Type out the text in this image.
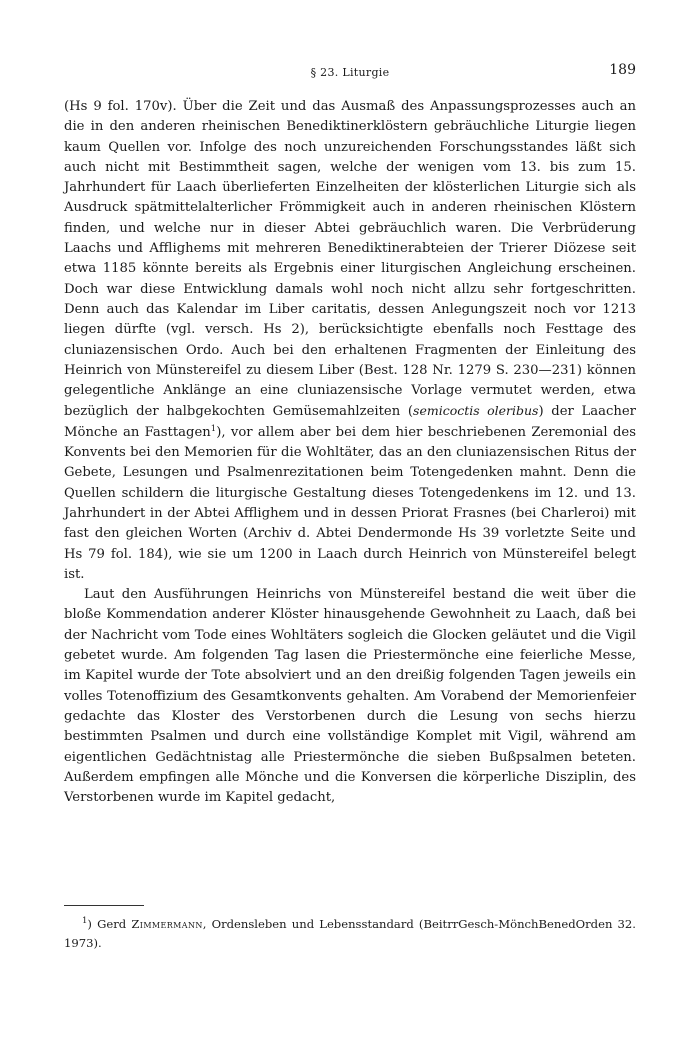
§ 23. Liturgie	189

(Hs 9 fol. 170v). Über die Zeit und das Ausmaß des Anpassungsprozesses auch an die in den anderen rheinischen Benediktinerklöstern gebräuchliche Liturgie liegen kaum Quellen vor. Infolge des noch unzureichenden Forschungsstandes läßt sich auch nicht mit Bestimmtheit sagen, welche der wenigen vom 13. bis zum 15. Jahrhundert für Laach überlieferten Einzelheiten der klösterlichen Liturgie sich als Ausdruck spätmittelalterlicher Frömmigkeit auch in anderen rheinischen Klöstern finden, und welche nur in dieser Abtei gebräuchlich waren. Die Verbrüderung Laachs und Afflighems mit mehreren Benediktinerabteien der Trierer Diözese seit etwa 1185 könnte bereits als Ergebnis einer liturgischen Angleichung erscheinen. Doch war diese Entwicklung damals wohl noch nicht allzu sehr fortgeschritten. Denn auch das Kalendar im Liber caritatis, dessen Anlegungszeit noch vor 1213 liegen dürfte (vgl. versch. Hs 2), berücksichtigte ebenfalls noch Festtage des cluniazensischen Ordo. Auch bei den erhaltenen Fragmenten der Einleitung des Heinrich von Münstereifel zu diesem Liber (Best. 128 Nr. 1279 S. 230—231) können gelegentliche Anklänge an eine cluniazensische Vorlage vermutet werden, etwa bezüglich der halbgekochten Gemüsemahlzeiten (semicoctis oleribus) der Laacher Mönche an Fasttagen$^1$), vor allem aber bei dem hier beschriebenen Zeremonial des Konvents bei den Memorien für die Wohltäter, das an den cluniazensischen Ritus der Gebete, Lesungen und Psalmenrezitationen beim Totengedenken mahnt. Denn die Quellen schildern die liturgische Gestaltung dieses Totengedenkens im 12. und 13. Jahrhundert in der Abtei Afflighem und in dessen Priorat Frasnes (bei Charleroi) mit fast den gleichen Worten (Archiv d. Abtei Dendermonde Hs 39 vorletzte Seite und Hs 79 fol. 184), wie sie um 1200 in Laach durch Heinrich von Münstereifel belegt ist.

Laut den Ausführungen Heinrichs von Münstereifel bestand die weit über die bloße Kommendation anderer Klöster hinausgehende Gewohnheit zu Laach, daß bei der Nachricht vom Tode eines Wohltäters sogleich die Glocken geläutet und die Vigil gebetet wurde. Am folgenden Tag lasen die Priestermönche eine feierliche Messe, im Kapitel wurde der Tote absolviert und an den dreißig folgenden Tagen jeweils ein volles Totenoffizium des Gesamtkonvents gehalten. Am Vorabend der Memorienfeier gedachte das Kloster des Verstorbenen durch die Lesung von sechs hierzu bestimmten Psalmen und durch eine vollständige Komplet mit Vigil, während am eigentlichen Gedächtnistag alle Priestermönche die sieben Bußpsalmen beteten. Außerdem empfingen alle Mönche und die Konversen die körperliche Disziplin, des Verstorbenen wurde im Kapitel gedacht,

$^1$) Gerd Zimmermann, Ordensleben und Lebensstandard (BeitrrGesch-MönchBenedOrden 32. 1973).
